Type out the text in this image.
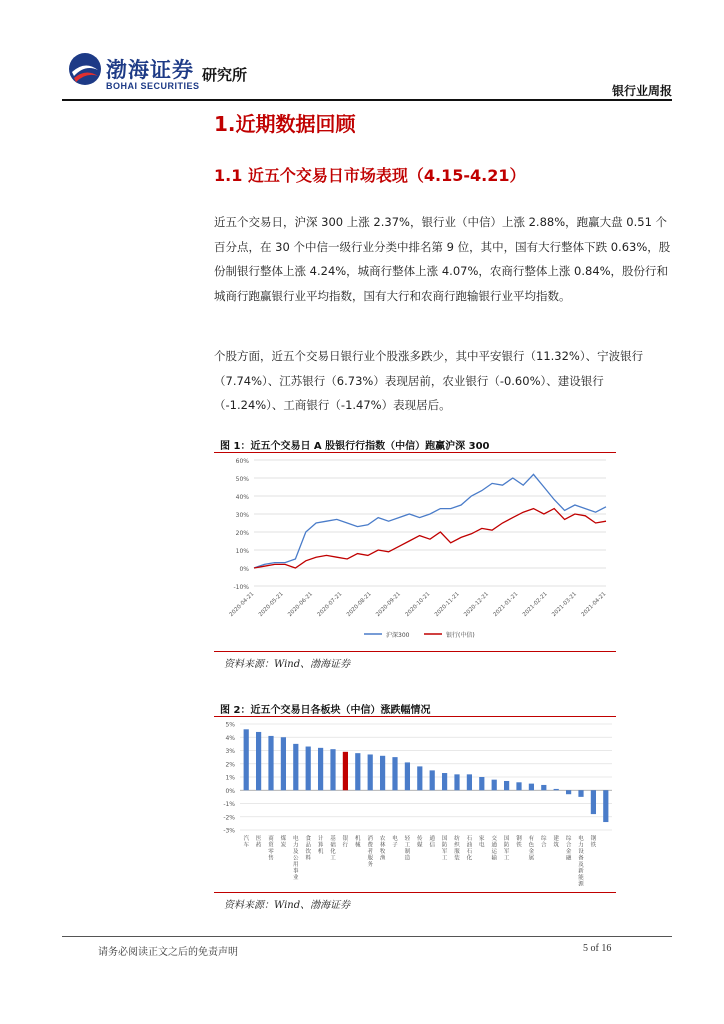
渤海证券
BOHAI SECURITIES
研究所
银行业周报
1.近期数据回顾
1.1 近五个交易日市场表现（4.15-4.21）
近五个交易日，沪深 300 上涨 2.37%，银行业（中信）上涨 2.88%，跑赢大盘 0.51 个百分点，在 30 个中信一级行业分类中排名第 9 位，其中，国有大行整体下跌 0.63%，股份制银行整体上涨 4.24%，城商行整体上涨 4.07%，农商行整体上涨 0.84%，股份行和城商行跑赢银行业平均指数，国有大行和农商行跑输银行业平均指数。
个股方面，近五个交易日银行业个股涨多跌少，其中平安银行（11.32%）、宁波银行（7.74%）、江苏银行（6.73%）表现居前，农业银行（-0.60%）、建设银行（-1.24%）、工商银行（-1.47%）表现居后。
图 1：近五个交易日 A 股银行行指数（中信）跑赢沪深 300
-10%
0%
10%
20%
30%
40%
50%
60%
2020-04-21 2020-05-21 2020-06-21 2020-07-21 2020-08-21 2020-09-21 2020-10-21 2020-11-21 2020-12-21 2021-01-21 2021-02-21 2021-03-21 2021-04-21
沪深300	银行(中信)
资料来源：Wind、渤海证券
图 2：近五个交易日各板块（中信）涨跌幅情况
-3%
-2%
-1%
0%
1%
2%
3%
4%
5%
汽车
医药
商贸零售
煤炭
电力及公用事业
食品饮料
计算机
基础化工
银行
机械
消费者服务
农林牧渔
电子
轻工制造
传媒
通信
国防军工
纺织服装
石油石化
家电
交通运输
国防军工
钢铁
有色金属
综合
建筑
综合金融
电力设备及新能源
钢铁
资料来源：Wind、渤海证券
请务必阅读正文之后的免责声明	5 of 16
